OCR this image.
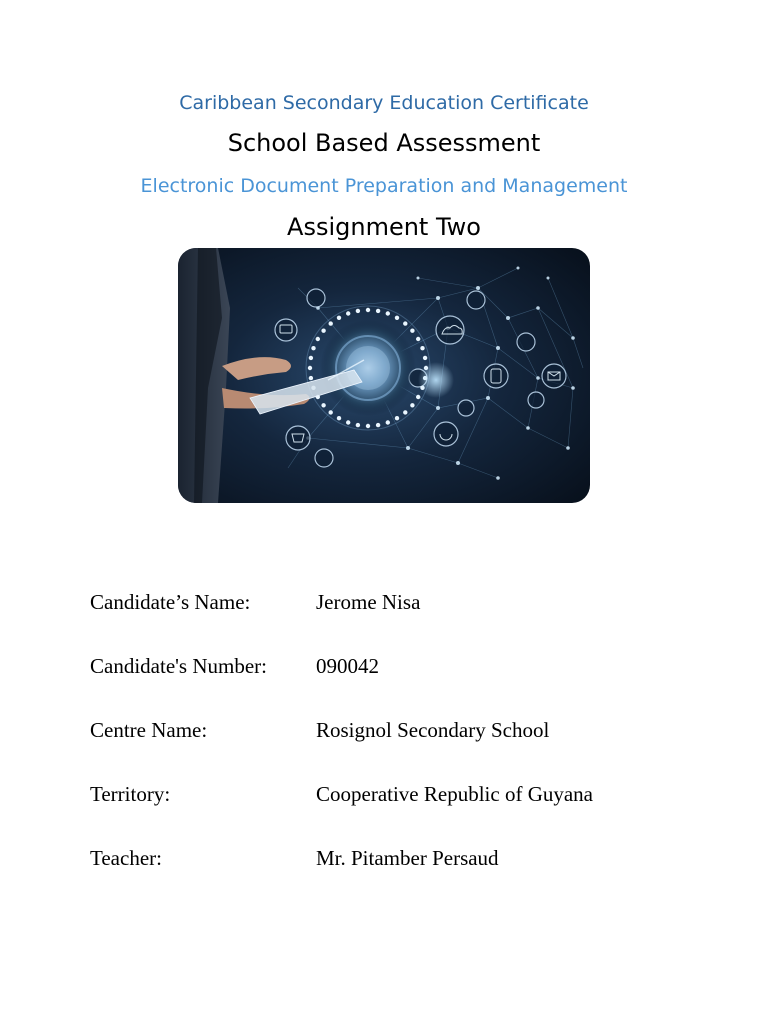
Caribbean Secondary Education Certificate
School Based Assessment
Electronic Document Preparation and Management
Assignment Two
Candidate’s Name:	Jerome Nisa
Candidate's Number: 090042
Centre Name:	Rosignol Secondary School
Territory:	Cooperative Republic of Guyana
Teacher:	Mr. Pitamber Persaud
